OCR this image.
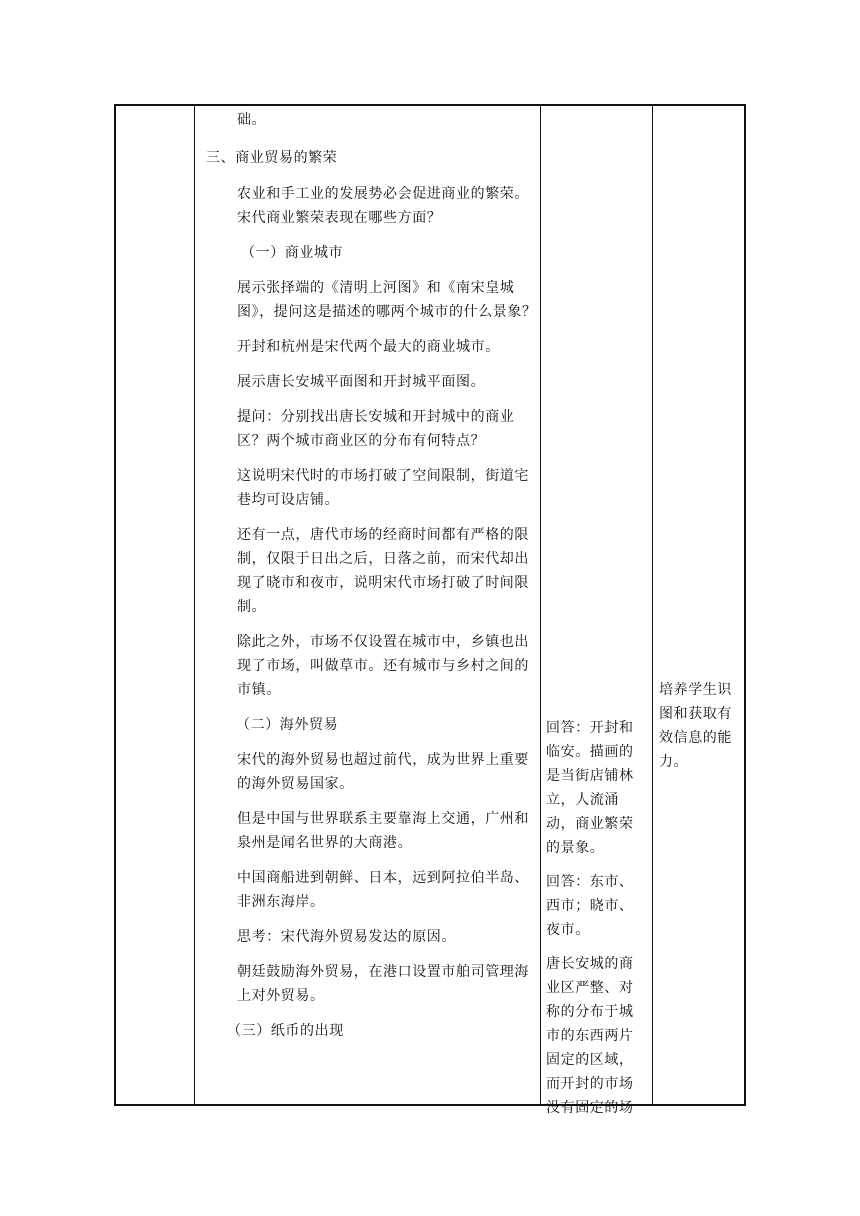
础。

三、商业贸易的繁荣

农业和手工业的发展势必会促进商业的繁荣。宋代商业繁荣表现在哪些方面？

（一）商业城市

展示张择端的《清明上河图》和《南宋皇城图》，提问这是描述的哪两个城市的什么景象？

开封和杭州是宋代两个最大的商业城市。

展示唐长安城平面图和开封城平面图。

提问：分别找出唐长安城和开封城中的商业区？两个城市商业区的分布有何特点？

这说明宋代时的市场打破了空间限制，街道宅巷均可设店铺。

还有一点，唐代市场的经商时间都有严格的限制，仅限于日出之后，日落之前，而宋代却出现了晓市和夜市，说明宋代市场打破了时间限制。

除此之外，市场不仅设置在城市中，乡镇也出现了市场，叫做草市。还有城市与乡村之间的市镇。

（二）海外贸易

宋代的海外贸易也超过前代，成为世界上重要的海外贸易国家。

但是中国与世界联系主要靠海上交通，广州和泉州是闻名世界的大商港。

中国商船进到朝鲜、日本，远到阿拉伯半岛、非洲东海岸。

思考：宋代海外贸易发达的原因。

朝廷鼓励海外贸易，在港口设置市舶司管理海上对外贸易。

（三）纸币的出现

回答：开封和临安。描画的是当街店铺林立，人流涌动，商业繁荣的景象。

回答：东市、西市；晓市、夜市。

唐长安城的商业区严整、对称的分布于城市的东西两片固定的区域，而开封的市场没有固定的场

培养学生识图和获取有效信息的能力。
